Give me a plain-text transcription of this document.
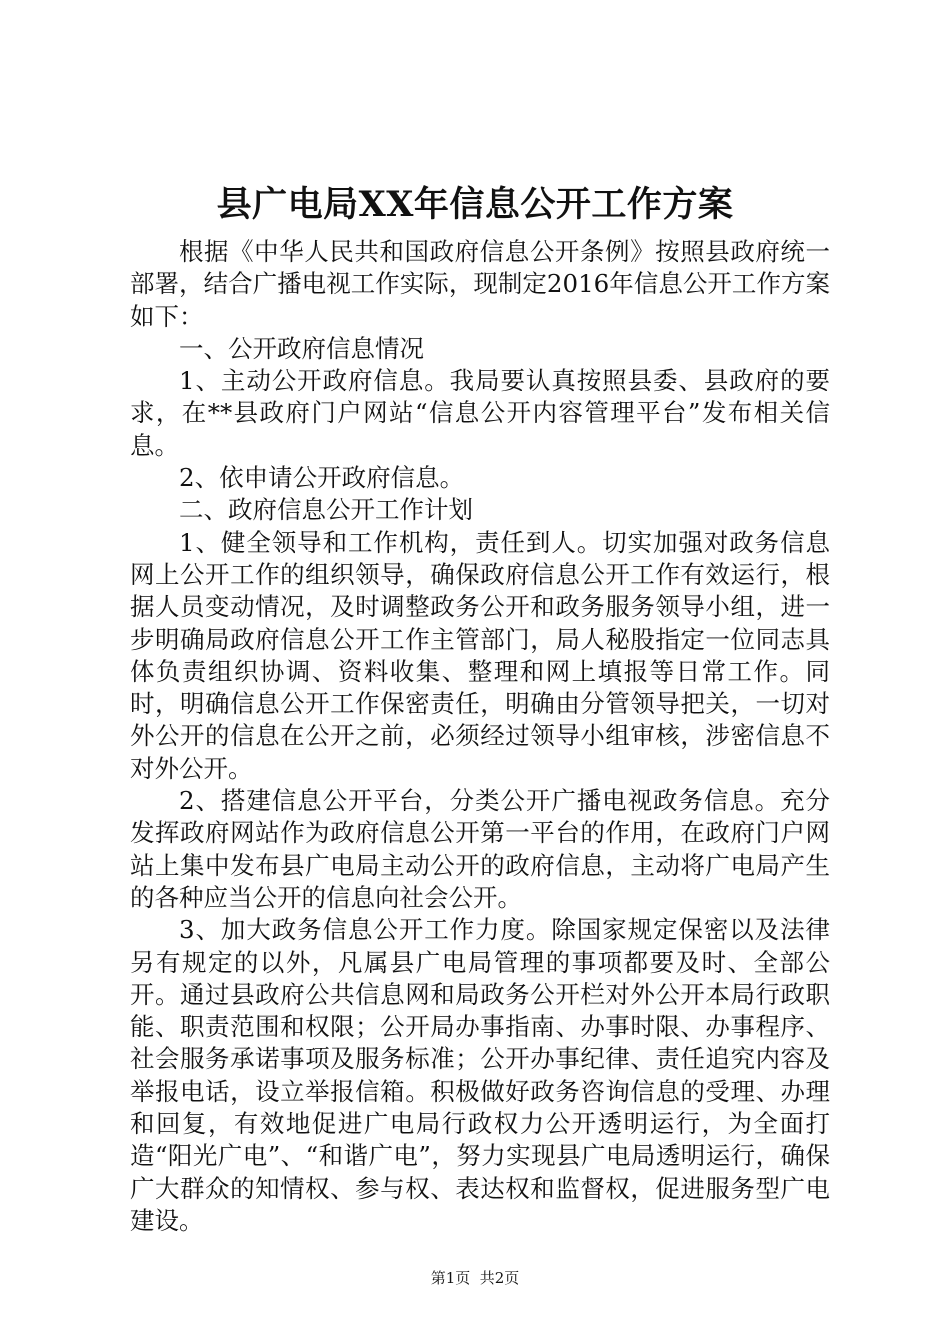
县广电局XX年信息公开工作方案

根据《中华人民共和国政府信息公开条例》按照县政府统一部署，结合广播电视工作实际，现制定2016年信息公开工作方案如下：

一、公开政府信息情况

1、主动公开政府信息。我局要认真按照县委、县政府的要求，在**县政府门户网站“信息公开内容管理平台”发布相关信息。

2、依申请公开政府信息。

二、政府信息公开工作计划

1、健全领导和工作机构，责任到人。切实加强对政务信息网上公开工作的组织领导，确保政府信息公开工作有效运行，根据人员变动情况，及时调整政务公开和政务服务领导小组，进一步明确局政府信息公开工作主管部门，局人秘股指定一位同志具体负责组织协调、资料收集、整理和网上填报等日常工作。同时，明确信息公开工作保密责任，明确由分管领导把关，一切对外公开的信息在公开之前，必须经过领导小组审核，涉密信息不对外公开。

2、搭建信息公开平台，分类公开广播电视政务信息。充分发挥政府网站作为政府信息公开第一平台的作用，在政府门户网站上集中发布县广电局主动公开的政府信息，主动将广电局产生的各种应当公开的信息向社会公开。

3、加大政务信息公开工作力度。除国家规定保密以及法律另有规定的以外，凡属县广电局管理的事项都要及时、全部公开。通过县政府公共信息网和局政务公开栏对外公开本局行政职能、职责范围和权限；公开局办事指南、办事时限、办事程序、社会服务承诺事项及服务标准；公开办事纪律、责任追究内容及举报电话，设立举报信箱。积极做好政务咨询信息的受理、办理和回复，有效地促进广电局行政权力公开透明运行，为全面打造“阳光广电”、“和谐广电”，努力实现县广电局透明运行，确保广大群众的知情权、参与权、表达权和监督权，促进服务型广电建设。

第1页  共2页
